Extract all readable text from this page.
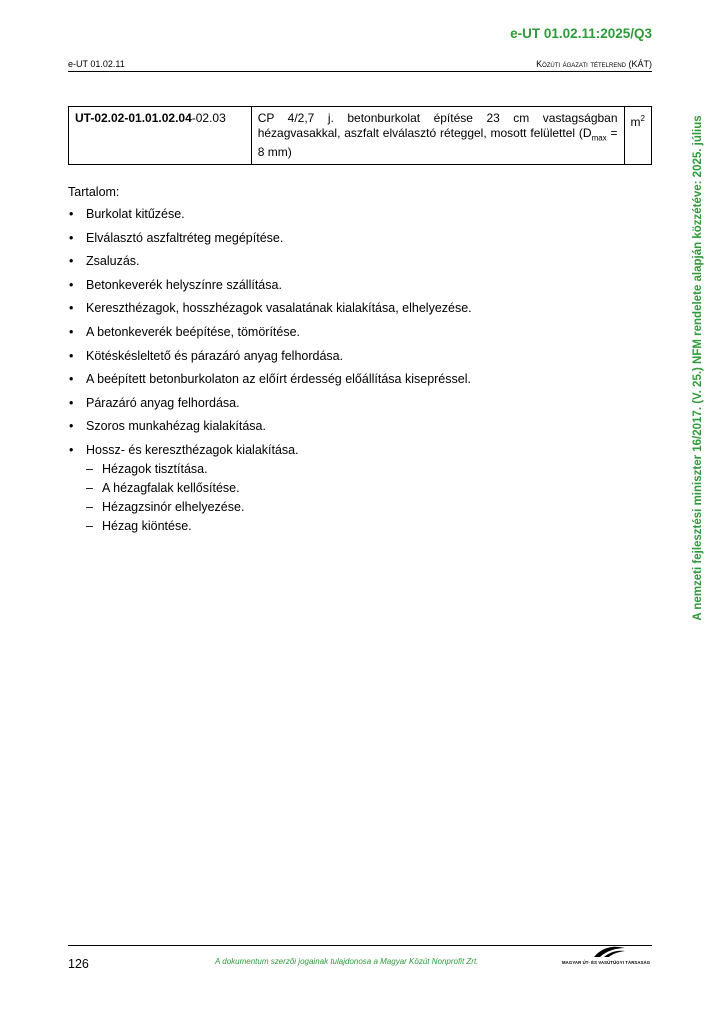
e-UT 01.02.11:2025/Q3
e-UT 01.02.11	Közúti ágazati tételrend (KÁT)
A nemzeti fejlesztési miniszter 16/2017. (V. 25.) NFM rendelete alapján közzétéve: 2025. július
UT-02.02-01.01.02.04-02.03	CP 4/2,7 j. betonburkolat építése 23 cm vastagságban hézagvasakkal, aszfalt elválasztó réteggel, mosott felülettel ($D_{max} = 8$ mm)	$m^2$
Tartalom:
• Burkolat kitűzése.
• Elválasztó aszfaltréteg megépítése.
• Zsaluzás.
• Betonkeverék helyszínre szállítása.
• Kereszthézagok, hosszhézagok vasalatának kialakítása, elhelyezése.
• A betonkeverék beépítése, tömörítése.
• Kötéskésleltető és párazáró anyag felhordása.
• A beépített betonburkolaton az előírt érdesség előállítása kisepréssel.
• Párazáró anyag felhordása.
• Szoros munkahézag kialakítása.
• Hossz- és kereszthézagok kialakítása.
– Hézagok tisztítása.
– A hézagfalak kellősítése.
– Hézagzsinór elhelyezése.
– Hézag kiöntése.
126	A dokumentum szerzői jogainak tulajdonosa a Magyar Közút Nonprofit Zrt.	MAGYAR ÚT- ÉS VASÚTÜGYI TÁRSASÁG
